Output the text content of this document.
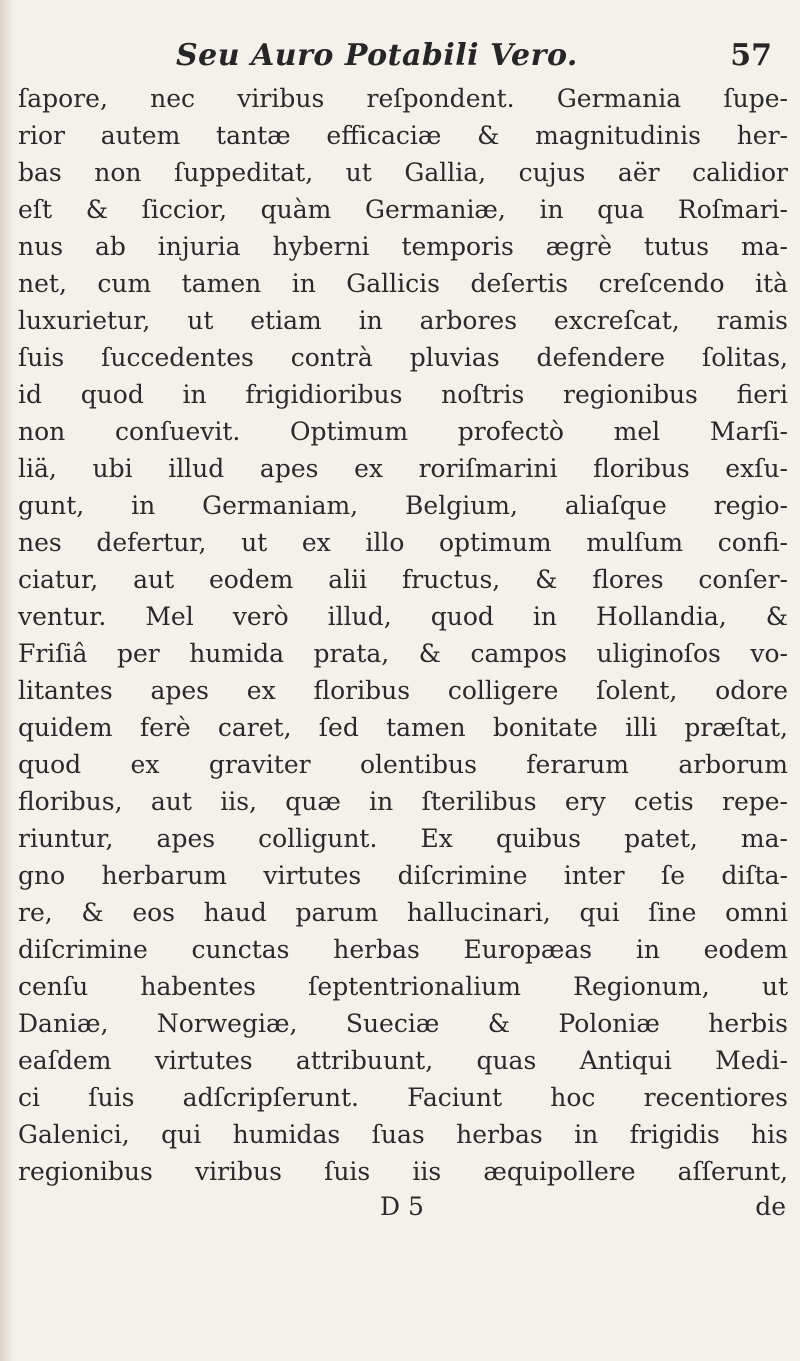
Seu Auro Potabili Vero.	57
ſapore, nec viribus reſpondent. Germania ſupe-
rior autem tantæ efficaciæ & magnitudinis her-
bas non ſuppeditat, ut Gallia, cujus aër calidior
eſt & ſiccior, quàm Germaniæ, in qua Roſmari-
nus ab injuria hyberni temporis ægrè tutus ma-
net, cum tamen in Gallicis deſertis creſcendo ità
luxurietur, ut etiam in arbores excreſcat, ramis
ſuis ſuccedentes contrà pluvias defendere ſolitas,
id quod in frigidioribus noſtris regionibus fieri
non conſuevit. Optimum profectò mel Marſi-
liä, ubi illud apes ex roriſmarini floribus exſu-
gunt, in Germaniam, Belgium, aliaſque regio-
nes defertur, ut ex illo optimum mulſum confi-
ciatur, aut eodem alii fructus, & flores conſer-
ventur. Mel verò illud, quod in Hollandia, &
Friſiâ per humida prata, & campos uliginoſos vo-
litantes apes ex floribus colligere ſolent, odore
quidem ferè caret, ſed tamen bonitate illi præſtat,
quod ex graviter olentibus ferarum arborum
floribus, aut iis, quæ in ſterilibus ery cetis repe-
riuntur, apes colligunt. Ex quibus patet, ma-
gno herbarum virtutes diſcrimine inter ſe diſta-
re, & eos haud parum hallucinari, qui ſine omni
diſcrimine cunctas herbas Europæas in eodem
cenſu habentes ſeptentrionalium Regionum, ut
Daniæ, Norwegiæ, Sueciæ & Poloniæ herbis
eaſdem virtutes attribuunt, quas Antiqui Medi-
ci ſuis adſcripſerunt. Faciunt hoc recentiores
Galenici, qui humidas ſuas herbas in frigidis his
regionibus viribus ſuis iis æquipollere aſſerunt,
D 5	de
